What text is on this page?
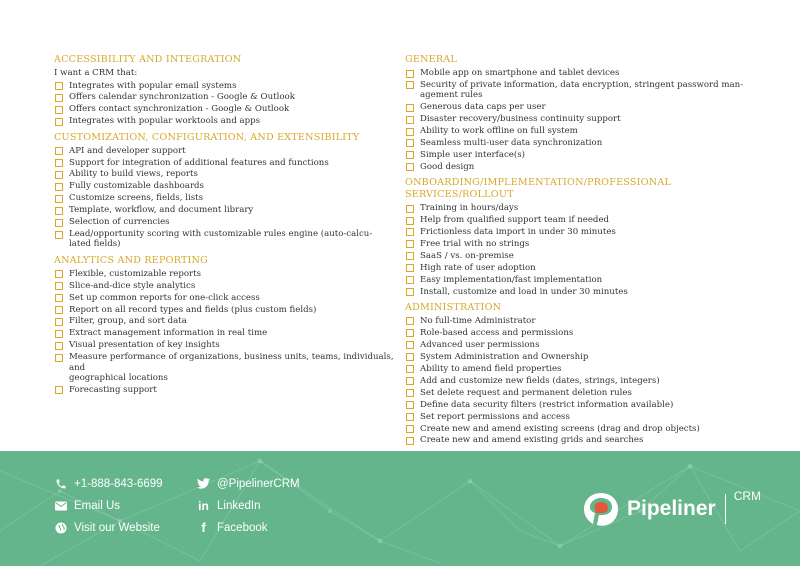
ACCESSIBILITY AND INTEGRATION
I want a CRM that:
Integrates with popular email systems
Offers calendar synchronization - Google & Outlook
Offers contact synchronization - Google & Outlook
Integrates with popular worktools and apps
CUSTOMIZATION, CONFIGURATION, AND EXTENSIBILITY
API and developer support
Support for integration of additional features and functions
Ability to build views, reports
Fully customizable dashboards
Customize screens, fields, lists
Template, workflow, and document library
Selection of currencies
Lead/opportunity scoring with customizable rules engine (auto-calcu-
lated fields)
ANALYTICS AND REPORTING
Flexible, customizable reports
Slice-and-dice style analytics
Set up common reports for one-click access
Report on all record types and fields (plus custom fields)
Filter, group, and sort data
Extract management information in real time
Visual presentation of key insights
Measure performance of organizations, business units, teams, individuals, and
geographical locations
Forecasting support
GENERAL
Mobile app on smartphone and tablet devices
Security of private information, data encryption, stringent password man-
agement rules
Generous data caps per user
Disaster recovery/business continuity support
Ability to work offline on full system
Seamless multi-user data synchronization
Simple user interface(s)
Good design
ONBOARDING/IMPLEMENTATION/PROFESSIONAL SERVICES/ROLLOUT
Training in hours/days
Help from qualified support team if needed
Frictionless data import in under 30 minutes
Free trial with no strings
SaaS / vs. on-premise
High rate of user adoption
Easy implementation/fast implementation
Install, customize and load in under 30 minutes
ADMINISTRATION
No full-time Administrator
Role-based access and permissions
Advanced user permissions
System Administration and Ownership
Ability to amend field properties
Add and customize new fields (dates, strings, integers)
Set delete request and permanent deletion rules
Define data security filters (restrict information available)
Set report permissions and access
Create new and amend existing screens (drag and drop objects)
Create new and amend existing grids and searches
+1-888-843-6699
Email Us
Visit our Website
@PipelinerCRM
in LinkedIn
f Facebook
Pipeliner
CRM
